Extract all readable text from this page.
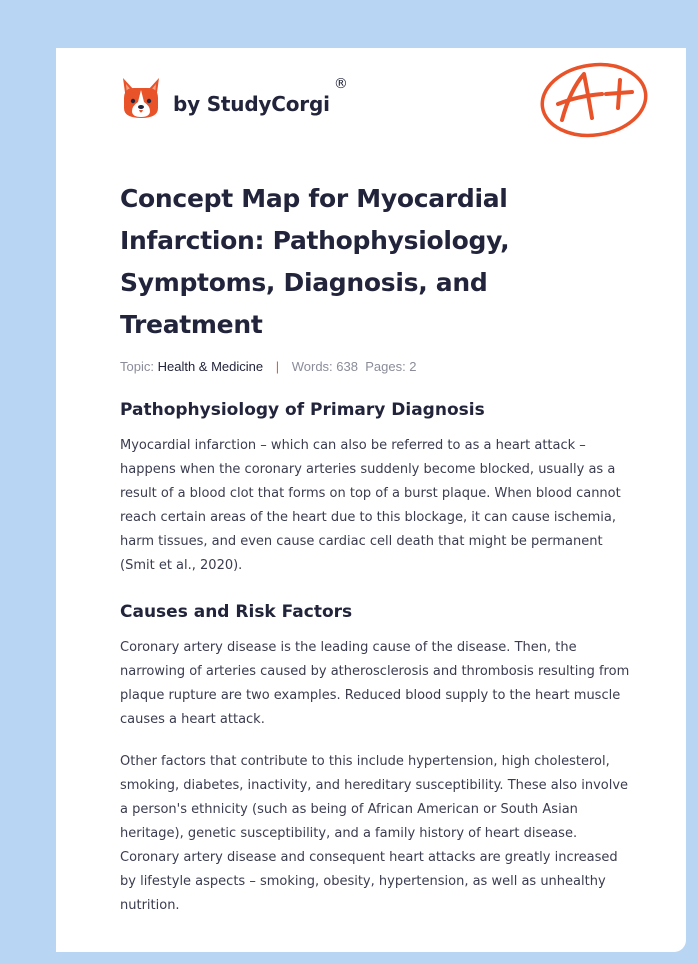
by StudyCorgi
®
Concept Map for Myocardial Infarction: Pathophysiology, Symptoms, Diagnosis, and Treatment
Topic: Health & Medicine | Words: 638 Pages: 2
Pathophysiology of Primary Diagnosis

Myocardial infarction – which can also be referred to as a heart attack – happens when the coronary arteries suddenly become blocked, usually as a result of a blood clot that forms on top of a burst plaque. When blood cannot reach certain areas of the heart due to this blockage, it can cause ischemia, harm tissues, and even cause cardiac cell death that might be permanent (Smit et al., 2020).

Causes and Risk Factors

Coronary artery disease is the leading cause of the disease. Then, the narrowing of arteries caused by atherosclerosis and thrombosis resulting from plaque rupture are two examples. Reduced blood supply to the heart muscle causes a heart attack.

Other factors that contribute to this include hypertension, high cholesterol, smoking, diabetes, inactivity, and hereditary susceptibility. These also involve a person's ethnicity (such as being of African American or South Asian heritage), genetic susceptibility, and a family history of heart disease. Coronary artery disease and consequent heart attacks are greatly increased by lifestyle aspects – smoking, obesity, hypertension, as well as unhealthy nutrition.
